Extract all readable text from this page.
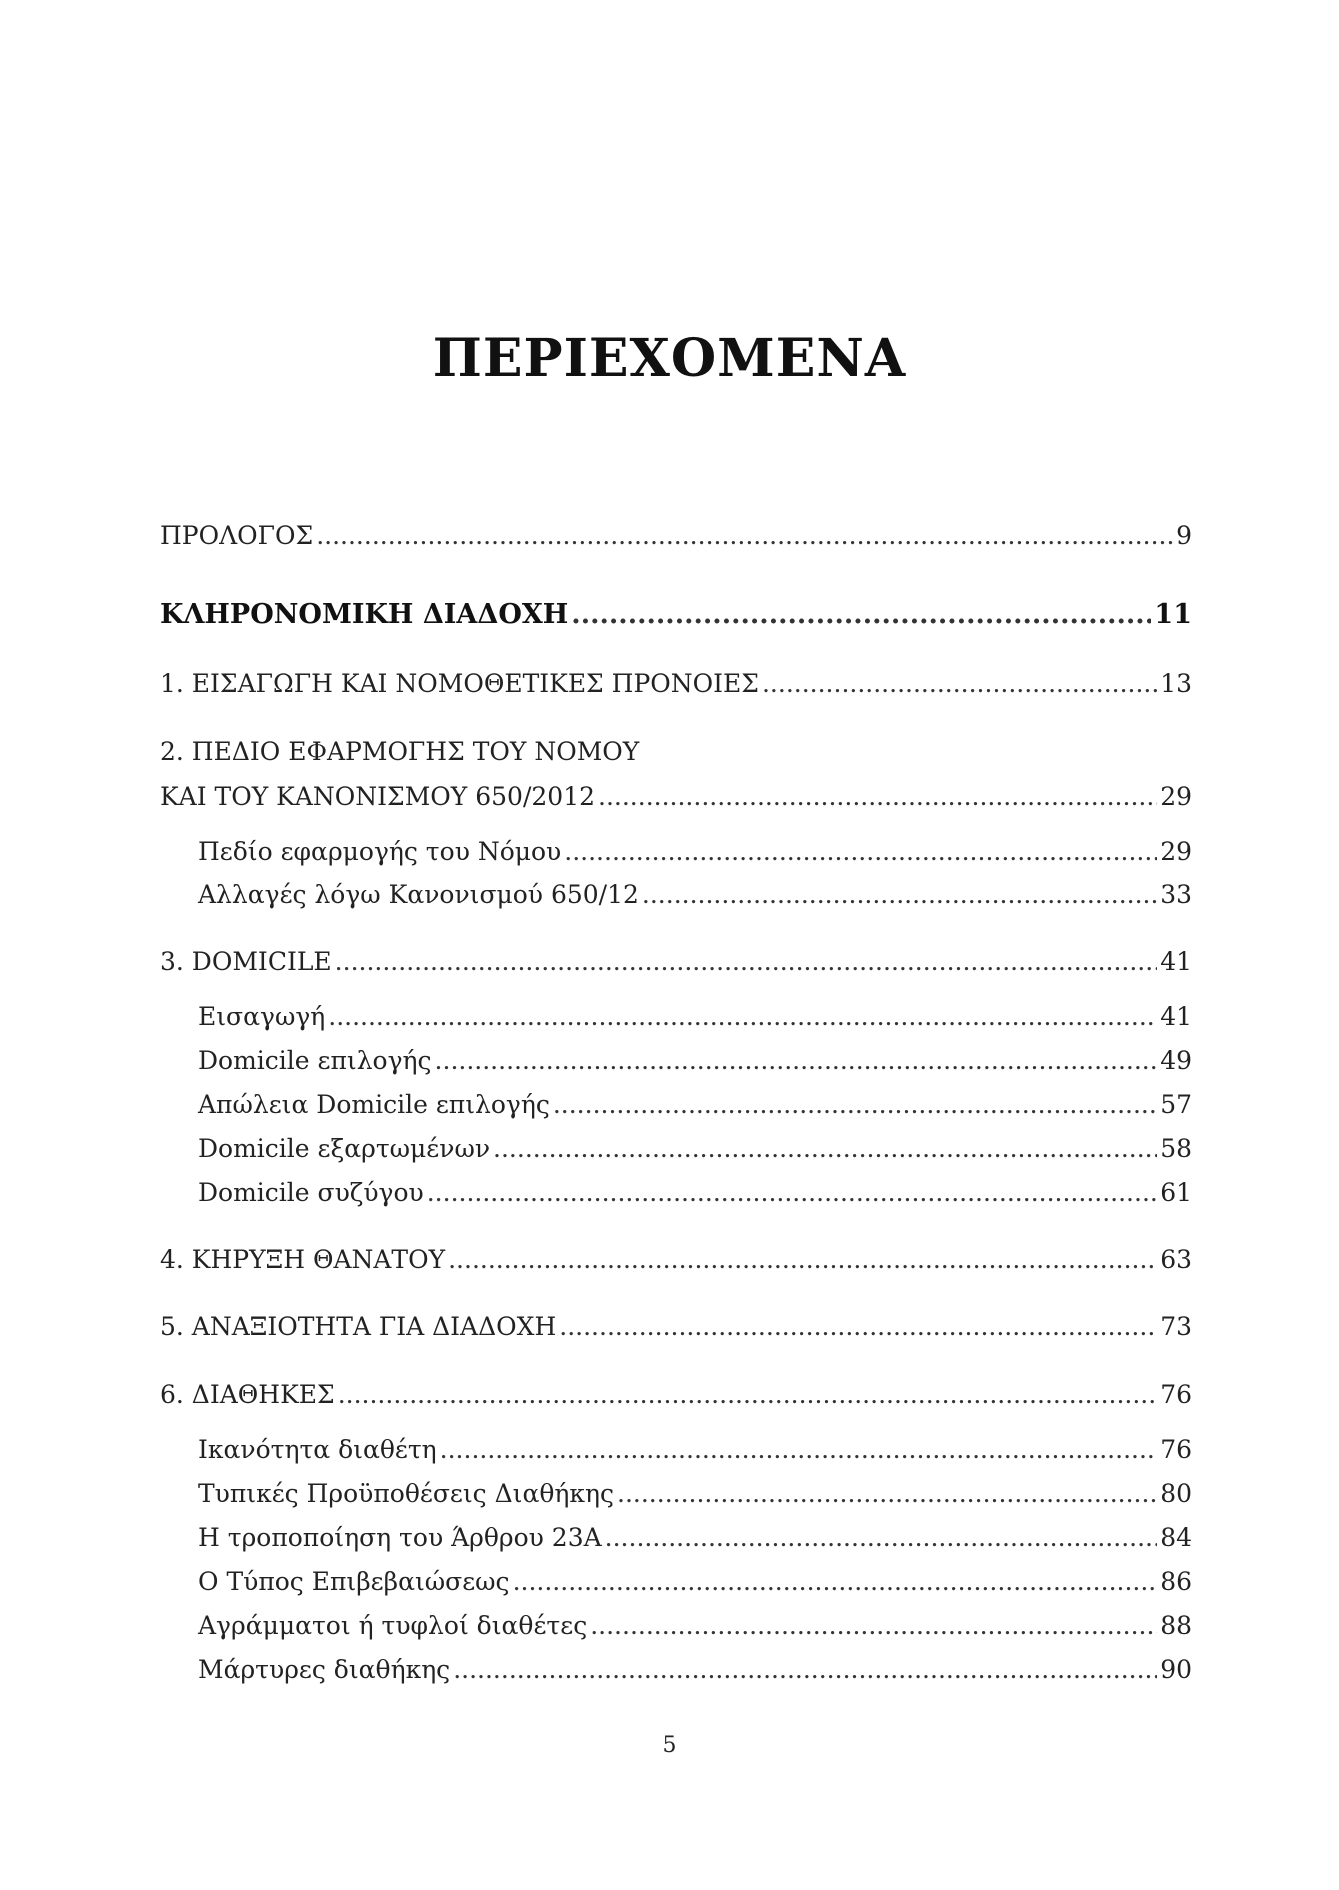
ΠΕΡΙΕΧΟΜΕΝΑ
ΠΡΟΛΟΓΟΣ .....	9
ΚΛΗΡΟΝΟΜΙΚΗ ΔΙΑΔΟΧΗ .....	11
1. ΕΙΣΑΓΩΓΗ ΚΑΙ ΝΟΜΟΘΕΤΙΚΕΣ ΠΡΟΝΟΙΕΣ .....	13
2. ΠΕΔΙΟ ΕΦΑΡΜΟΓΗΣ ΤΟΥ ΝΟΜΟΥ
ΚΑΙ ΤΟΥ ΚΑΝΟΝΙΣΜΟΥ 650/2012 .....	29
Πεδίο εφαρμογής του Νόμου .....	29
Αλλαγές λόγω Κανονισμού 650/12 .....	33
3. DOMICILE .....	41
Εισαγωγή .....	41
Domicile επιλογής .....	49
Απώλεια Domicile επιλογής .....	57
Domicile εξαρτωμένων .....	58
Domicile συζύγου .....	61
4. ΚΗΡΥΞΗ ΘΑΝΑΤΟΥ .....	63
5. ΑΝΑΞΙΟΤΗΤΑ ΓΙΑ ΔΙΑΔΟΧΗ .....	73
6. ΔΙΑΘΗΚΕΣ .....	76
Ικανότητα διαθέτη .....	76
Τυπικές Προϋποθέσεις Διαθήκης .....	80
Η τροποποίηση του Άρθρου 23Α .....	84
Ο Τύπος Επιβεβαιώσεως .....	86
Αγράμματοι ή τυφλοί διαθέτες .....	88
Μάρτυρες διαθήκης .....	90
5
